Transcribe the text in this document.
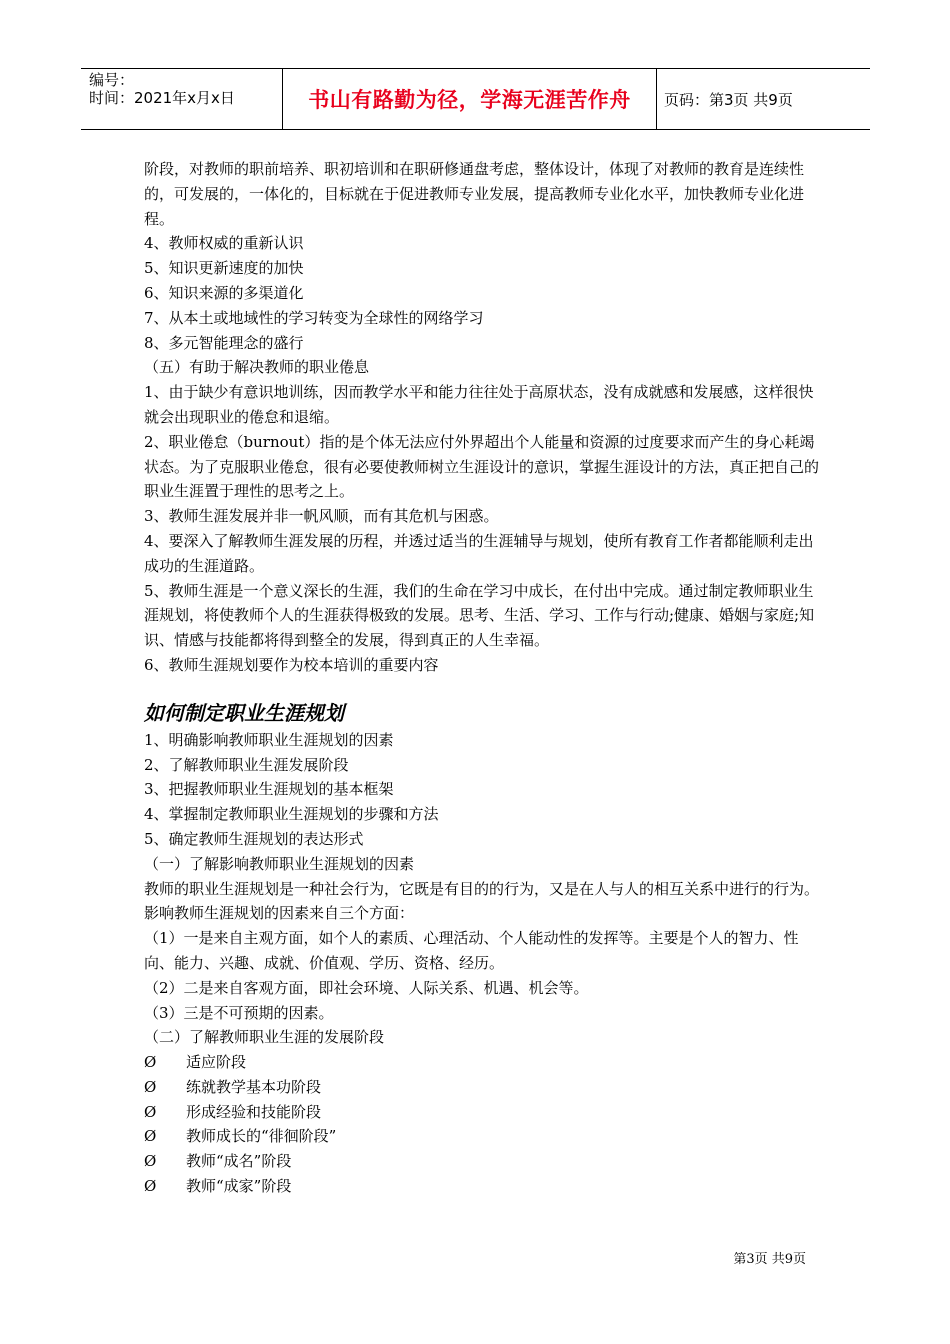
编号：
时间：2021年x月x日	书山有路勤为径，学海无涯苦作舟 页码：第3页 共9页

阶段，对教师的职前培养、职初培训和在职研修通盘考虑，整体设计，体现了对教师的教育是连续性的，可发展的，一体化的，目标就在于促进教师专业发展，提高教师专业化水平，加快教师专业化进程。

4、教师权威的重新认识

5、知识更新速度的加快

6、知识来源的多渠道化

7、从本土或地域性的学习转变为全球性的网络学习

8、多元智能理念的盛行

（五）有助于解决教师的职业倦息

1、由于缺少有意识地训练，因而教学水平和能力往往处于高原状态，没有成就感和发展感，这样很快就会出现职业的倦怠和退缩。

2、职业倦怠（burnout）指的是个体无法应付外界超出个人能量和资源的过度要求而产生的身心耗竭状态。为了克服职业倦怠，很有必要使教师树立生涯设计的意识，掌握生涯设计的方法，真正把自己的职业生涯置于理性的思考之上。

3、教师生涯发展并非一帆风顺，而有其危机与困惑。

4、要深入了解教师生涯发展的历程，并透过适当的生涯辅导与规划，使所有教育工作者都能顺利走出成功的生涯道路。

5、教师生涯是一个意义深长的生涯，我们的生命在学习中成长，在付出中完成。通过制定教师职业生涯规划，将使教师个人的生涯获得极致的发展。思考、生活、学习、工作与行动;健康、婚姻与家庭;知识、情感与技能都将得到整全的发展，得到真正的人生幸福。

6、教师生涯规划要作为校本培训的重要内容

如何制定职业生涯规划

1、明确影响教师职业生涯规划的因素

2、了解教师职业生涯发展阶段

3、把握教师职业生涯规划的基本框架

4、掌握制定教师职业生涯规划的步骤和方法

5、确定教师生涯规划的表达形式

（一）了解影响教师职业生涯规划的因素

教师的职业生涯规划是一种社会行为，它既是有目的的行为，又是在人与人的相互关系中进行的行为。

影响教师生涯规划的因素来自三个方面：

（1）一是来自主观方面，如个人的素质、心理活动、个人能动性的发挥等。主要是个人的智力、性向、能力、兴趣、成就、价值观、学历、资格、经历。

（2）二是来自客观方面，即社会环境、人际关系、机遇、机会等。

（3）三是不可预期的因素。

（二）了解教师职业生涯的发展阶段

Ø	适应阶段
Ø	练就教学基本功阶段
Ø	形成经验和技能阶段
Ø	教师成长的“徘徊阶段”
Ø	教师“成名”阶段
Ø	教师“成家”阶段
第3页 共9页
